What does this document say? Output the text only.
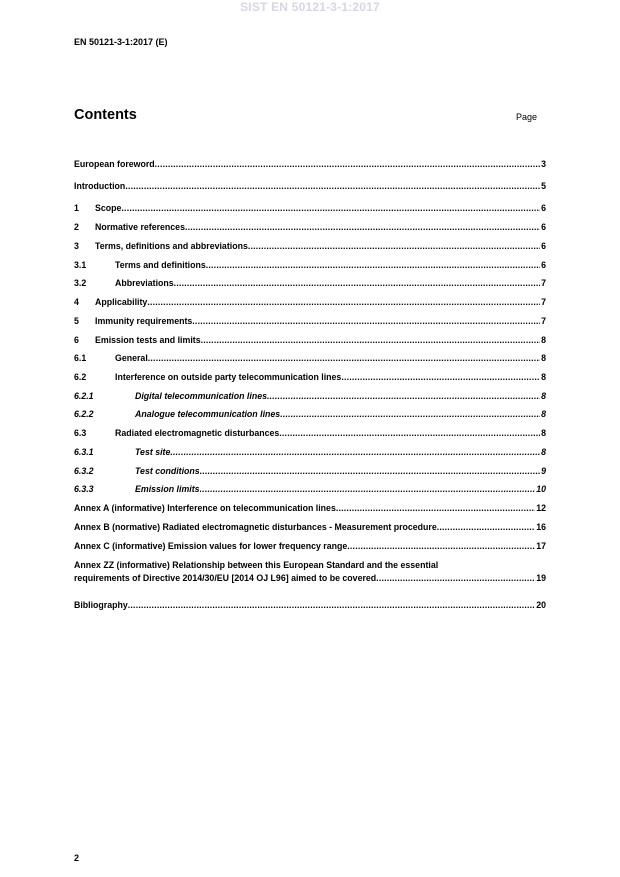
SIST EN 50121-3-1:2017
EN 50121-3-1:2017 (E)
Contents	Page
European foreword .....	3
Introduction .....	5
1	Scope .....	6
2	Normative references .....	6
3	Terms, definitions and abbreviations .....	6
3.1	Terms and definitions .....	6
3.2	Abbreviations .....	7
4	Applicability .....	7
5	Immunity requirements .....	7
6	Emission tests and limits .....	8
6.1	General .....	8
6.2	Interference on outside party telecommunication lines .....	8
6.2.1	Digital telecommunication lines .....	8
6.2.2	Analogue telecommunication lines .....	8
6.3	Radiated electromagnetic disturbances .....	8
6.3.1	Test site .....	8
6.3.2	Test conditions .....	9
6.3.3	Emission limits .....	10
Annex A (informative) Interference on telecommunication lines .....	12
Annex B (normative) Radiated electromagnetic disturbances - Measurement procedure .....	16
Annex C (informative) Emission values for lower frequency range .....	17
Annex ZZ (informative) Relationship between this European Standard and the essential
requirements of Directive 2014/30/EU [2014 OJ L96] aimed to be covered .....	19
Bibliography .....	20
2
